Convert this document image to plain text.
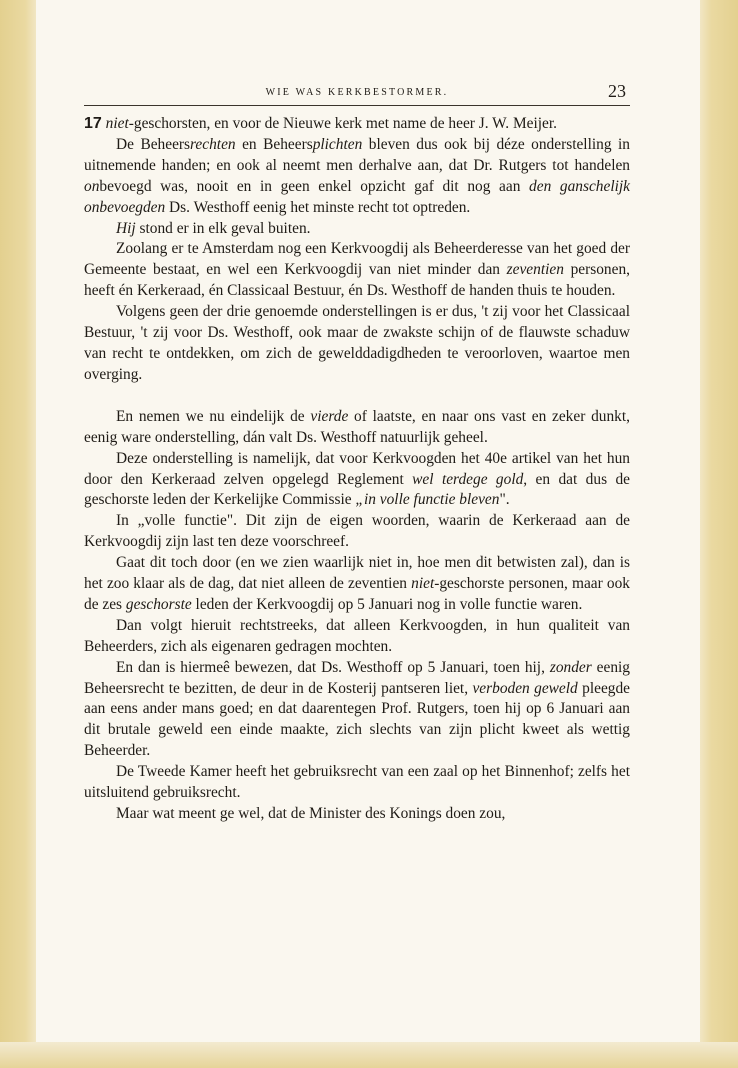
WIE WAS KERKBESTORMER.	23

17 niet-geschorsten, en voor de Nieuwe kerk met name de heer J. W. Meijer.

De Beheersrechten en Beheersplichten bleven dus ook bij déze onderstelling in uitnemende handen; en ook al neemt men derhalve aan, dat Dr. Rutgers tot handelen onbevoegd was, nooit en in geen enkel opzicht gaf dit nog aan den ganschelijk onbevoegden Ds. Westhoff eenig het minste recht tot optreden.

Hij stond er in elk geval buiten.

Zoolang er te Amsterdam nog een Kerkvoogdij als Beheerderesse van het goed der Gemeente bestaat, en wel een Kerkvoogdij van niet minder dan zeventien personen, heeft én Kerkeraad, én Classicaal Bestuur, én Ds. Westhoff de handen thuis te houden.

Volgens geen der drie genoemde onderstellingen is er dus, 't zij voor het Classicaal Bestuur, 't zij voor Ds. Westhoff, ook maar de zwakste schijn of de flauwste schaduw van recht te ontdekken, om zich de gewelddadigdheden te veroorloven, waartoe men overging.

En nemen we nu eindelijk de vierde of laatste, en naar ons vast en zeker dunkt, eenig ware onderstelling, dán valt Ds. Westhoff natuurlijk geheel.

Deze onderstelling is namelijk, dat voor Kerkvoogden het 40e artikel van het hun door den Kerkeraad zelven opgelegd Reglement wel terdege gold, en dat dus de geschorste leden der Kerkelijke Commissie „in volle functie bleven".

In „volle functie". Dit zijn de eigen woorden, waarin de Kerkeraad aan de Kerkvoogdij zijn last ten deze voorschreef.

Gaat dit toch door (en we zien waarlijk niet in, hoe men dit betwisten zal), dan is het zoo klaar als de dag, dat niet alleen de zeventien niet-geschorste personen, maar ook de zes geschorste leden der Kerkvoogdij op 5 Januari nog in volle functie waren.

Dan volgt hieruit rechtstreeks, dat alleen Kerkvoogden, in hun qualiteit van Beheerders, zich als eigenaren gedragen mochten.

En dan is hiermeê bewezen, dat Ds. Westhoff op 5 Januari, toen hij, zonder eenig Beheersrecht te bezitten, de deur in de Kosterij pantseren liet, verboden geweld pleegde aan eens ander mans goed; en dat daarentegen Prof. Rutgers, toen hij op 6 Januari aan dit brutale geweld een einde maakte, zich slechts van zijn plicht kweet als wettig Beheerder.

De Tweede Kamer heeft het gebruiksrecht van een zaal op het Binnenhof; zelfs het uitsluitend gebruiksrecht.

Maar wat meent ge wel, dat de Minister des Konings doen zou,
